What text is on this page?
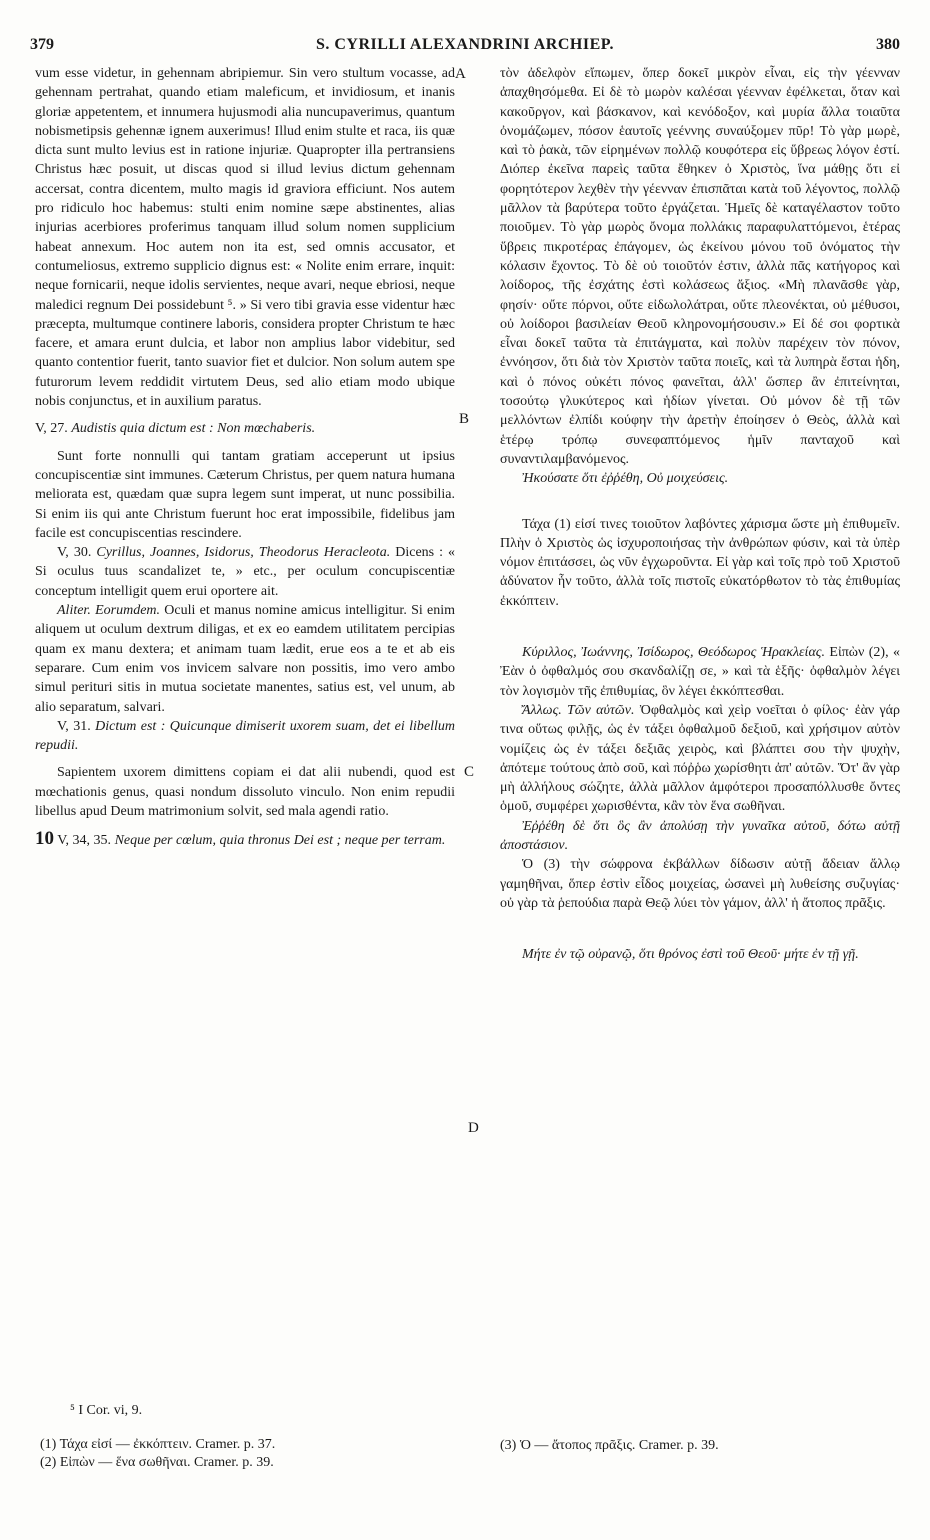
379	S. CYRILLI ALEXANDRINI ARCHIEP.	380
A
B
C
D

vum esse videtur, in gehennam abripiemur. Sin vero stultum vocasse, ad gehennam pertrahat, quando etiam maleficum, et invidiosum, et inanis gloriæ appetentem, et innumera hujusmodi alia nuncupaverimus, quantum nobismetipsis gehennæ ignem auxerimus! Illud enim stulte et raca, iis quæ dicta sunt multo levius est in ratione injuriæ. Quapropter illa pertransiens Christus hæc posuit, ut discas quod si illud levius dictum gehennam accersat, contra dicentem, multo magis id graviora efficiunt. Nos autem pro ridiculo hoc habemus: stulti enim nomine sæpe abstinentes, alias injurias acerbiores proferimus tanquam illud solum nomen supplicium habeat annexum. Hoc autem non ita est, sed omnis accusator, et contumeliosus, extremo supplicio dignus est: « Nolite enim errare, inquit: neque fornicarii, neque idolis servientes, neque avari, neque ebriosi, neque maledici regnum Dei possidebunt ⁵. » Si vero tibi gravia esse videntur hæc præcepta, multumque continere laboris, considera propter Christum te hæc facere, et amara erunt dulcia, et labor non amplius labor videbitur, sed quanto contentior fuerit, tanto suavior fiet et dulcior. Non solum autem spe futurorum levem reddidit virtutem Deus, sed alio etiam modo ubique nobis conjunctus, et in auxilium paratus.

V, 27. Audistis quia dictum est : Non mœchaberis.

Sunt forte nonnulli qui tantam gratiam acceperunt ut ipsius concupiscentiæ sint immunes. Cæterum Christus, per quem natura humana meliorata est, quædam quæ supra legem sunt imperat, ut nunc possibilia. Si enim iis qui ante Christum fuerunt hoc erat impossibile, fidelibus jam facile est concupiscentias rescindere.

V, 30. Cyrillus, Joannes, Isidorus, Theodorus Heracleota. Dicens : « Si oculus tuus scandalizet te, » etc., per oculum concupiscentiæ conceptum intelligit quem erui oportere ait.

Aliter. Eorumdem. Oculi et manus nomine amicus intelligitur. Si enim aliquem ut oculum dextrum diligas, et ex eo eamdem utilitatem percipias quam ex manu dextera; et animam tuam lædit, erue eos a te et ab eis separare. Cum enim vos invicem salvare non possitis, imo vero ambo simul perituri sitis in mutua societate manentes, satius est, vel unum, ab alio separatum, salvari.

V, 31. Dictum est : Quicunque dimiserit uxorem suam, det ei libellum repudii.

Sapientem uxorem dimittens copiam ei dat alii nubendi, quod est mœchationis genus, quasi nondum dissoluto vinculo. Non enim repudii libellus apud Deum matrimonium solvit, sed mala agendi ratio.

10 V, 34, 35. Neque per cœlum, quia thronus Dei est ; neque per terram.

τὸν ἀδελφὸν εἴπωμεν, ὅπερ δοκεῖ μικρὸν εἶναι, εἰς τὴν γέενναν ἀπαχθησόμεθα. Εἰ δὲ τὸ μωρὸν καλέσαι γέενναν ἐφέλκεται, ὅταν καὶ κακοῦργον, καὶ βάσκανον, καὶ κενόδοξον, καὶ μυρία ἄλλα τοιαῦτα ὀνομάζωμεν, πόσον ἑαυτοῖς γεέννης συναύξομεν πῦρ! Τὸ γὰρ μωρὲ, καὶ τὸ ῥακὰ, τῶν εἰρημένων πολλῷ κουφότερα εἰς ὕβρεως λόγον ἐστί. Διόπερ ἐκεῖνα παρεὶς ταῦτα ἔθηκεν ὁ Χριστὸς, ἵνα μάθῃς ὅτι εἰ φορητότερον λεχθὲν τὴν γέενναν ἐπισπᾶται κατὰ τοῦ λέγοντος, πολλῷ μᾶλλον τὰ βαρύτερα τοῦτο ἐργάζεται. Ἡμεῖς δὲ καταγέλαστον τοῦτο ποιοῦμεν. Τὸ γὰρ μωρὸς ὄνομα πολλάκις παραφυλαττόμενοι, ἑτέρας ὕβρεις πικροτέρας ἐπάγομεν, ὡς ἐκείνου μόνου τοῦ ὀνόματος τὴν κόλασιν ἔχοντος. Τὸ δὲ οὐ τοιοῦτόν ἐστιν, ἀλλὰ πᾶς κατήγορος καὶ λοίδορος, τῆς ἐσχάτης ἐστὶ κολάσεως ἄξιος. «Μὴ πλανᾶσθε γὰρ, φησίν· οὔτε πόρνοι, οὔτε εἰδωλολάτραι, οὔτε πλεονέκται, οὐ μέθυσοι, οὐ λοίδοροι βασιλείαν Θεοῦ κληρονομήσουσιν.» Εἰ δέ σοι φορτικὰ εἶναι δοκεῖ ταῦτα τὰ ἐπιτάγματα, καὶ πολὺν παρέχειν τὸν πόνον, ἐννόησον, ὅτι διὰ τὸν Χριστὸν ταῦτα ποιεῖς, καὶ τὰ λυπηρὰ ἔσται ἡδη, καὶ ὁ πόνος οὐκέτι πόνος φανεῖται, ἀλλ' ὥσπερ ἂν ἐπιτείνηται, τοσούτῳ γλυκύτερος καὶ ἡδίων γίνεται. Οὐ μόνον δὲ τῇ τῶν μελλόντων ἐλπίδι κούφην τὴν ἀρετὴν ἐποίησεν ὁ Θεὸς, ἀλλὰ καὶ ἑτέρῳ τρόπῳ συνεφαπτόμενος ἡμῖν πανταχοῦ καὶ συναντιλαμβανόμενος.

Ἠκούσατε ὅτι ἐῤῥέθη, Οὐ μοιχεύσεις.

Τάχα (1) εἰσί τινες τοιοῦτον λαβόντες χάρισμα ὥστε μὴ ἐπιθυμεῖν. Πλὴν ὁ Χριστὸς ὡς ἰσχυροποιήσας τὴν ἀνθρώπων φύσιν, καὶ τὰ ὑπὲρ νόμον ἐπιτάσσει, ὡς νῦν ἐγχωροῦντα. Εἰ γὰρ καὶ τοῖς πρὸ τοῦ Χριστοῦ ἀδύνατον ἦν τοῦτο, ἀλλὰ τοῖς πιστοῖς εὐκατόρθωτον τὸ τὰς ἐπιθυμίας ἐκκόπτειν.

Κύριλλος, Ἰωάννης, Ἰσίδωρος, Θεόδωρος Ἡρακλείας. Εἰπὼν (2), « Ἐὰν ὁ ὀφθαλμός σου σκανδαλίζῃ σε, » καὶ τὰ ἑξῆς· ὀφθαλμὸν λέγει τὸν λογισμὸν τῆς ἐπιθυμίας, ὃν λέγει ἐκκόπτεσθαι.

Ἄλλως. Τῶν αὐτῶν. Ὀφθαλμὸς καὶ χεὶρ νοεῖται ὁ φίλος· ἐὰν γάρ τινα οὕτως φιλῇς, ὡς ἐν τάξει ὀφθαλμοῦ δεξιοῦ, καὶ χρήσιμον αὐτὸν νομίζεις ὡς ἐν τάξει δεξιᾶς χειρὸς, καὶ βλάπτει σου τὴν ψυχὴν, ἀπότεμε τούτους ἀπὸ σοῦ, καὶ πόῤῥω χωρίσθητι ἀπ' αὐτῶν. Ὅτ' ἂν γὰρ μὴ ἀλλήλους σώζητε, ἀλλὰ μᾶλλον ἀμφότεροι προσαπόλλυσθε ὄντες ὁμοῦ, συμφέρει χωρισθέντα, κἂν τὸν ἕνα σωθῆναι.

Ἐῤῥέθη δὲ ὅτι ὃς ἂν ἀπολύσῃ τὴν γυναῖκα αὐτοῦ, δότω αὐτῇ ἀποστάσιον.

Ὁ (3) τὴν σώφρονα ἐκβάλλων δίδωσιν αὐτῇ ἄδειαν ἄλλῳ γαμηθῆναι, ὅπερ ἐστὶν εἶδος μοιχείας, ὡσανεὶ μὴ λυθείσης συζυγίας· οὐ γὰρ τὰ ῥεπούδια παρὰ Θεῷ λύει τὸν γάμον, ἀλλ' ἡ ἄτοπος πρᾶξις.

Μήτε ἐν τῷ οὐρανῷ, ὅτι θρόνος ἐστὶ τοῦ Θεοῦ· μήτε ἐν τῇ γῇ.

⁵ I Cor. vi, 9.

(1) Τάχα εἰσί — ἐκκόπτειν. Cramer. p. 37.

(2) Εἰπὼν — ἕνα σωθῆναι. Cramer. p. 39.

(3) Ὁ — ἄτοπος πρᾶξις. Cramer. p. 39.
